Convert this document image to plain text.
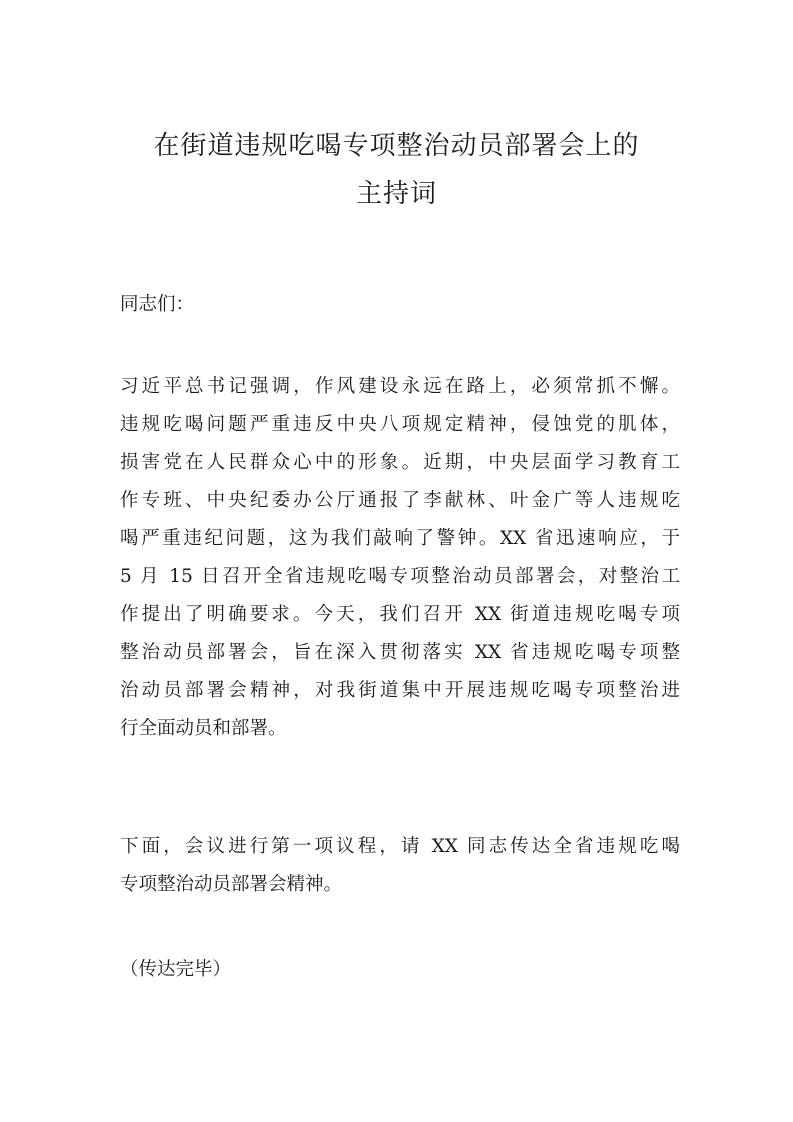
在街道违规吃喝专项整治动员部署会上的
主持词
同志们：
习近平总书记强调，作风建设永远在路上，必须常抓不懈。
违规吃喝问题严重违反中央八项规定精神，侵蚀党的肌体，
损害党在人民群众心中的形象。近期，中央层面学习教育工
作专班、中央纪委办公厅通报了李献林、叶金广等人违规吃
喝严重违纪问题，这为我们敲响了警钟。XX 省迅速响应，于
5 月 15 日召开全省违规吃喝专项整治动员部署会，对整治工
作提出了明确要求。今天，我们召开 XX 街道违规吃喝专项
整治动员部署会，旨在深入贯彻落实 XX 省违规吃喝专项整
治动员部署会精神，对我街道集中开展违规吃喝专项整治进
行全面动员和部署。
下面，会议进行第一项议程，请 XX 同志传达全省违规吃喝
专项整治动员部署会精神。
（传达完毕）
